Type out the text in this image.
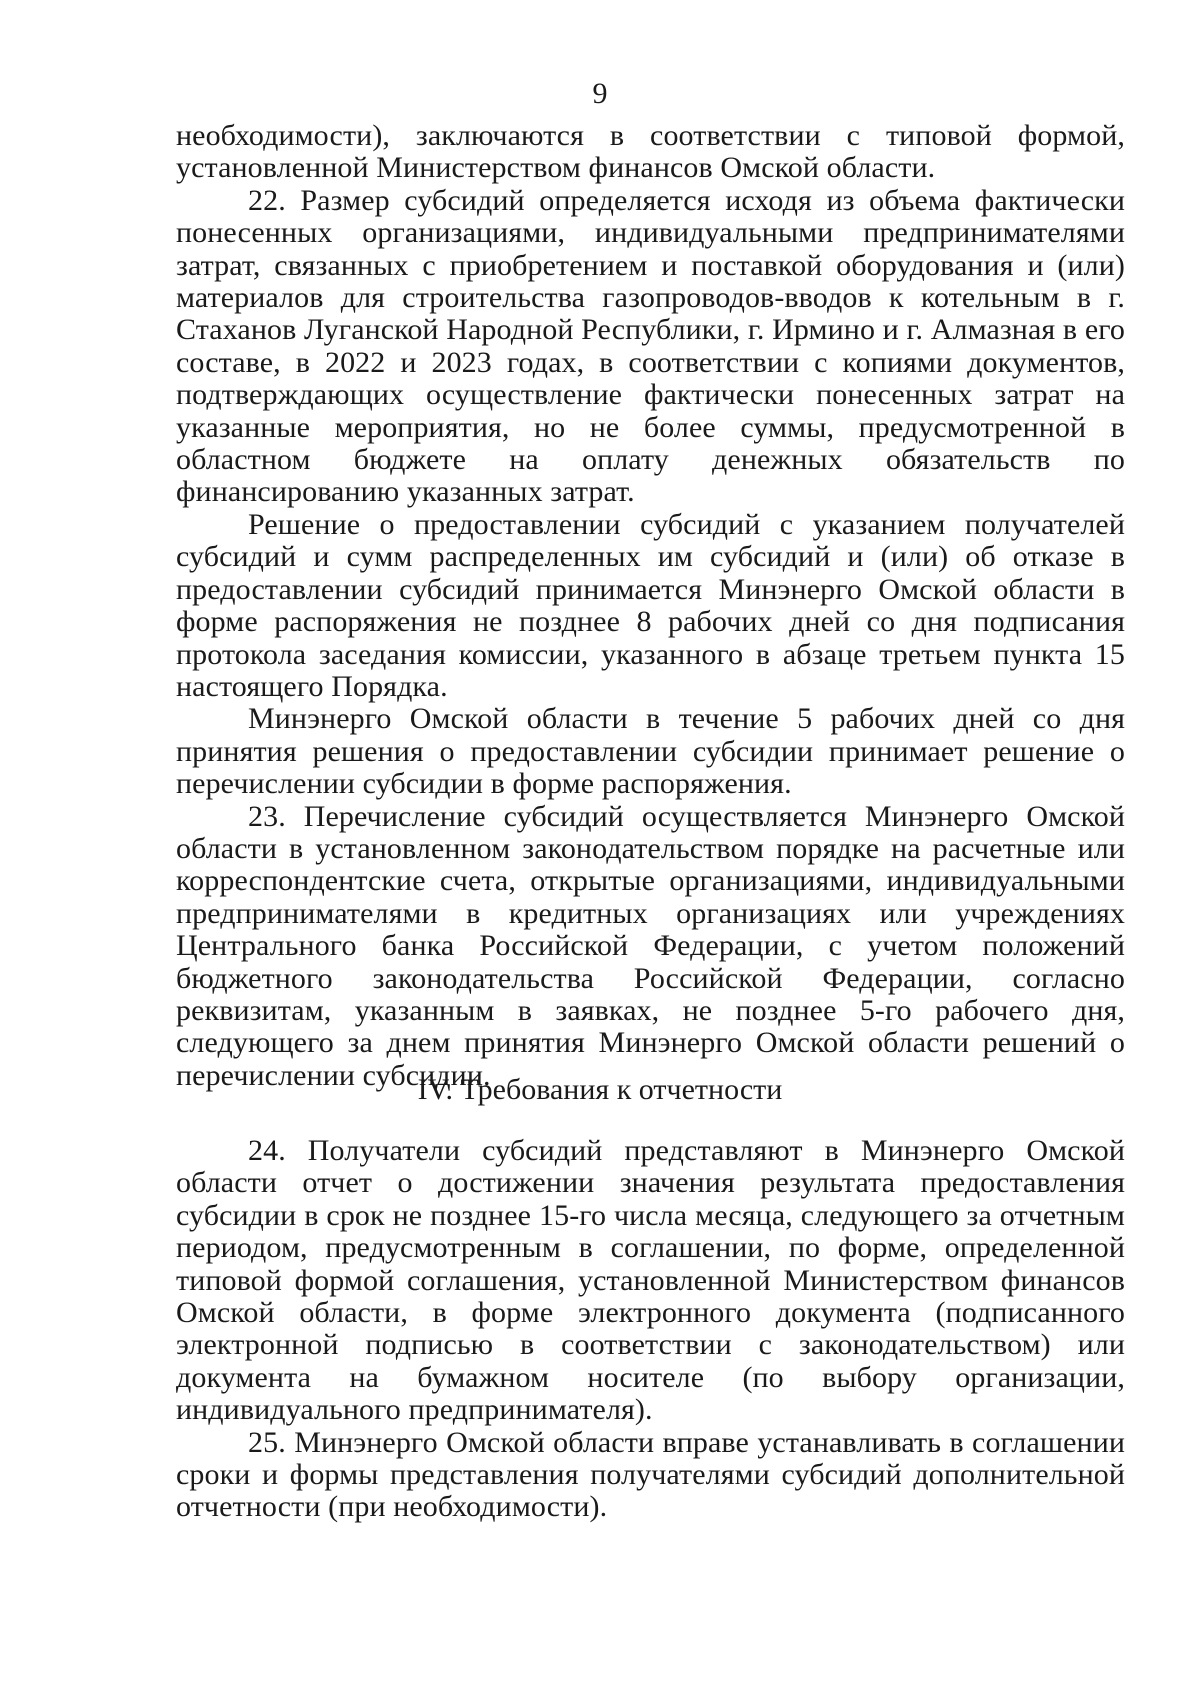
9

необходимости), заключаются в соответствии с типовой формой, установленной Министерством финансов Омской области.

22. Размер субсидий определяется исходя из объема фактически понесенных организациями, индивидуальными предпринимателями затрат, связанных с приобретением и поставкой оборудования и (или) материалов для строительства газопроводов-вводов к котельным в г. Стаханов Луганской Народной Республики, г. Ирмино и г. Алмазная в его составе, в 2022 и 2023 годах, в соответствии с копиями документов, подтверждающих осуществление фактически понесенных затрат на указанные мероприятия, но не более суммы, предусмотренной в областном бюджете на оплату денежных обязательств по финансированию указанных затрат.

Решение о предоставлении субсидий с указанием получателей субсидий и сумм распределенных им субсидий и (или) об отказе в предоставлении субсидий принимается Минэнерго Омской области в форме распоряжения не позднее 8 рабочих дней со дня подписания протокола заседания комиссии, указанного в абзаце третьем пункта 15 настоящего Порядка.

Минэнерго Омской области в течение 5 рабочих дней со дня принятия решения о предоставлении субсидии принимает решение о перечислении субсидии в форме распоряжения.

23. Перечисление субсидий осуществляется Минэнерго Омской области в установленном законодательством порядке на расчетные или корреспондентские счета, открытые организациями, индивидуальными предпринимателями в кредитных организациях или учреждениях Центрального банка Российской Федерации, с учетом положений бюджетного законодательства Российской Федерации, согласно реквизитам, указанным в заявках, не позднее 5-го рабочего дня, следующего за днем принятия Минэнерго Омской области решений о перечислении субсидии.

IV. Требования к отчетности

24. Получатели субсидий представляют в Минэнерго Омской области отчет о достижении значения результата предоставления субсидии в срок не позднее 15-го числа месяца, следующего за отчетным периодом, предусмотренным в соглашении, по форме, определенной типовой формой соглашения, установленной Министерством финансов Омской области, в форме электронного документа (подписанного электронной подписью в соответствии с законодательством) или документа на бумажном носителе (по выбору организации, индивидуального предпринимателя).

25. Минэнерго Омской области вправе устанавливать в соглашении сроки и формы представления получателями субсидий дополнительной отчетности (при необходимости).
